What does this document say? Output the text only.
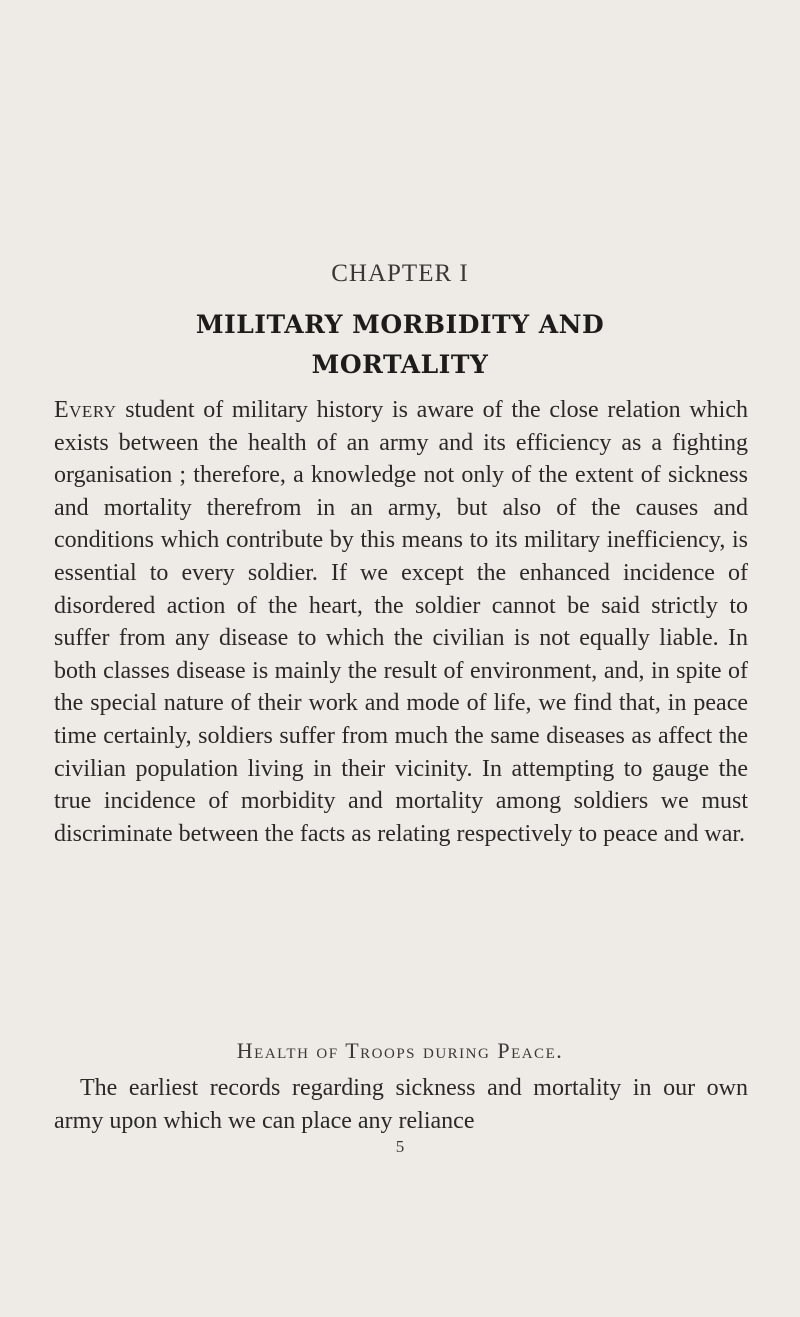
CHAPTER I
MILITARY MORBIDITY AND
MORTALITY

Every student of military history is aware of the close relation which exists between the health of an army and its efficiency as a fighting organisation ; therefore, a knowledge not only of the extent of sickness and mortality therefrom in an army, but also of the causes and conditions which contribute by this means to its military inefficiency, is essential to every soldier. If we except the enhanced incidence of disordered action of the heart, the soldier cannot be said strictly to suffer from any disease to which the civilian is not equally liable. In both classes disease is mainly the result of environment, and, in spite of the special nature of their work and mode of life, we find that, in peace time certainly, soldiers suffer from much the same diseases as affect the civilian population living in their vicinity. In attempting to gauge the true incidence of morbidity and mortality among soldiers we must discriminate between the facts as relating respectively to peace and war.

Health of Troops during Peace.

The earliest records regarding sickness and mortality in our own army upon which we can place any reliance

5
